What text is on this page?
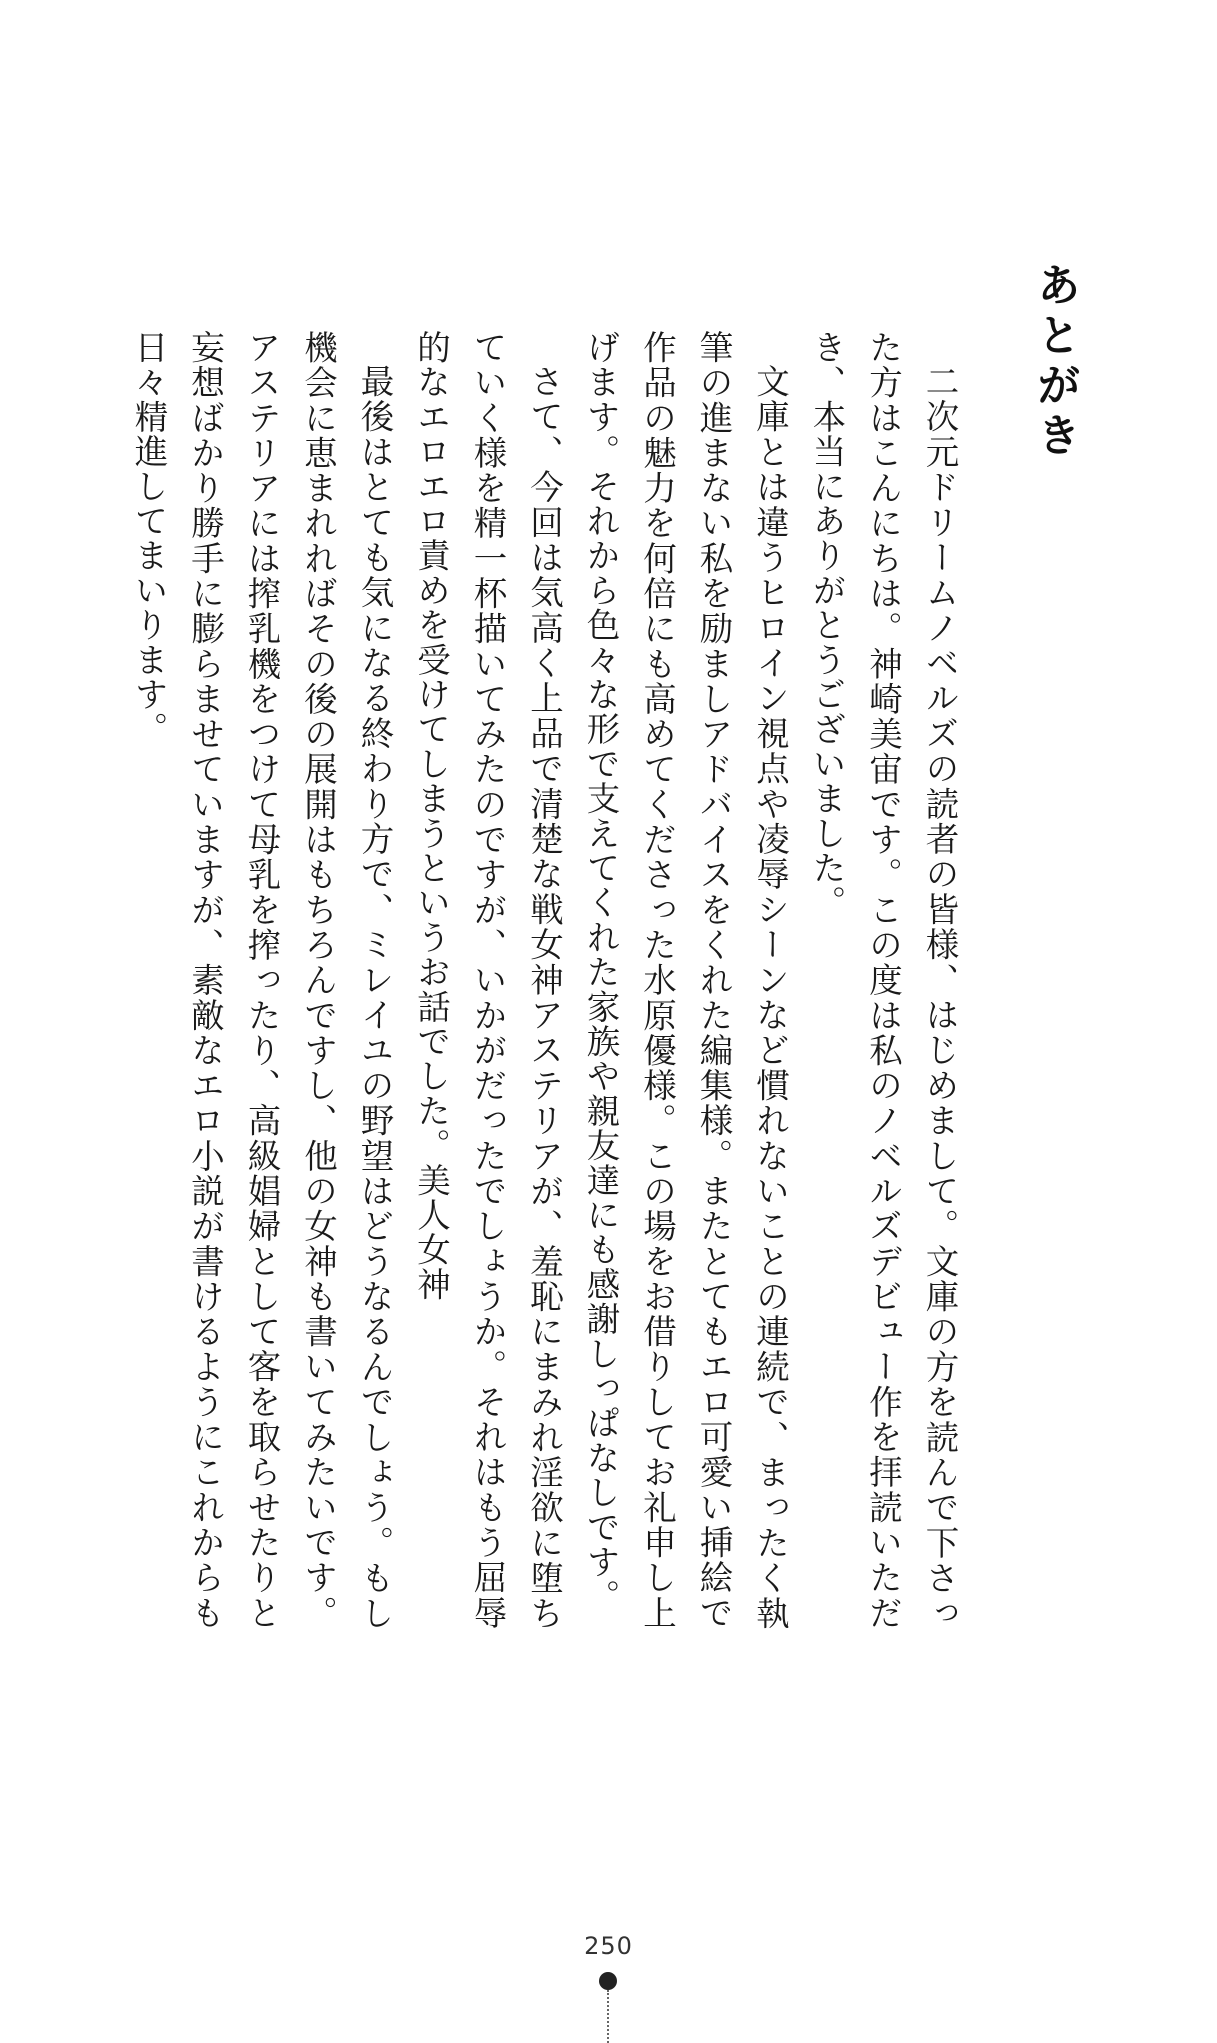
あとがき

二次元ドリームノベルズの読者の皆様、はじめまして。文庫の方を読んで下さった方はこんにちは。神崎美宙です。この度は私のノベルズデビュー作を拝読いただき、本当にありがとうございました。

文庫とは違うヒロイン視点や凌辱シーンなど慣れないことの連続で、まったく執筆の進まない私を励ましアドバイスをくれた編集様。またとてもエロ可愛い挿絵で作品の魅力を何倍にも高めてくださった水原優様。この場をお借りしてお礼申し上げます。それから色々な形で支えてくれた家族や親友達にも感謝しっぱなしです。

さて、今回は気高く上品で清楚な戦女神アステリアが、羞恥にまみれ淫欲に堕ちていく様を精一杯描いてみたのですが、いかがだったでしょうか。それはもう屈辱的なエロエロ責めを受けてしまうというお話でした。美人女神

最後はとても気になる終わり方で、ミレイユの野望はどうなるんでしょう。もし機会に恵まれればその後の展開はもちろんですし、他の女神も書いてみたいです。アステリアには搾乳機をつけて母乳を搾ったり、高級娼婦として客を取らせたりと妄想ばかり勝手に膨らませていますが、素敵なエロ小説が書けるようにこれからも日々精進してまいります。

250
